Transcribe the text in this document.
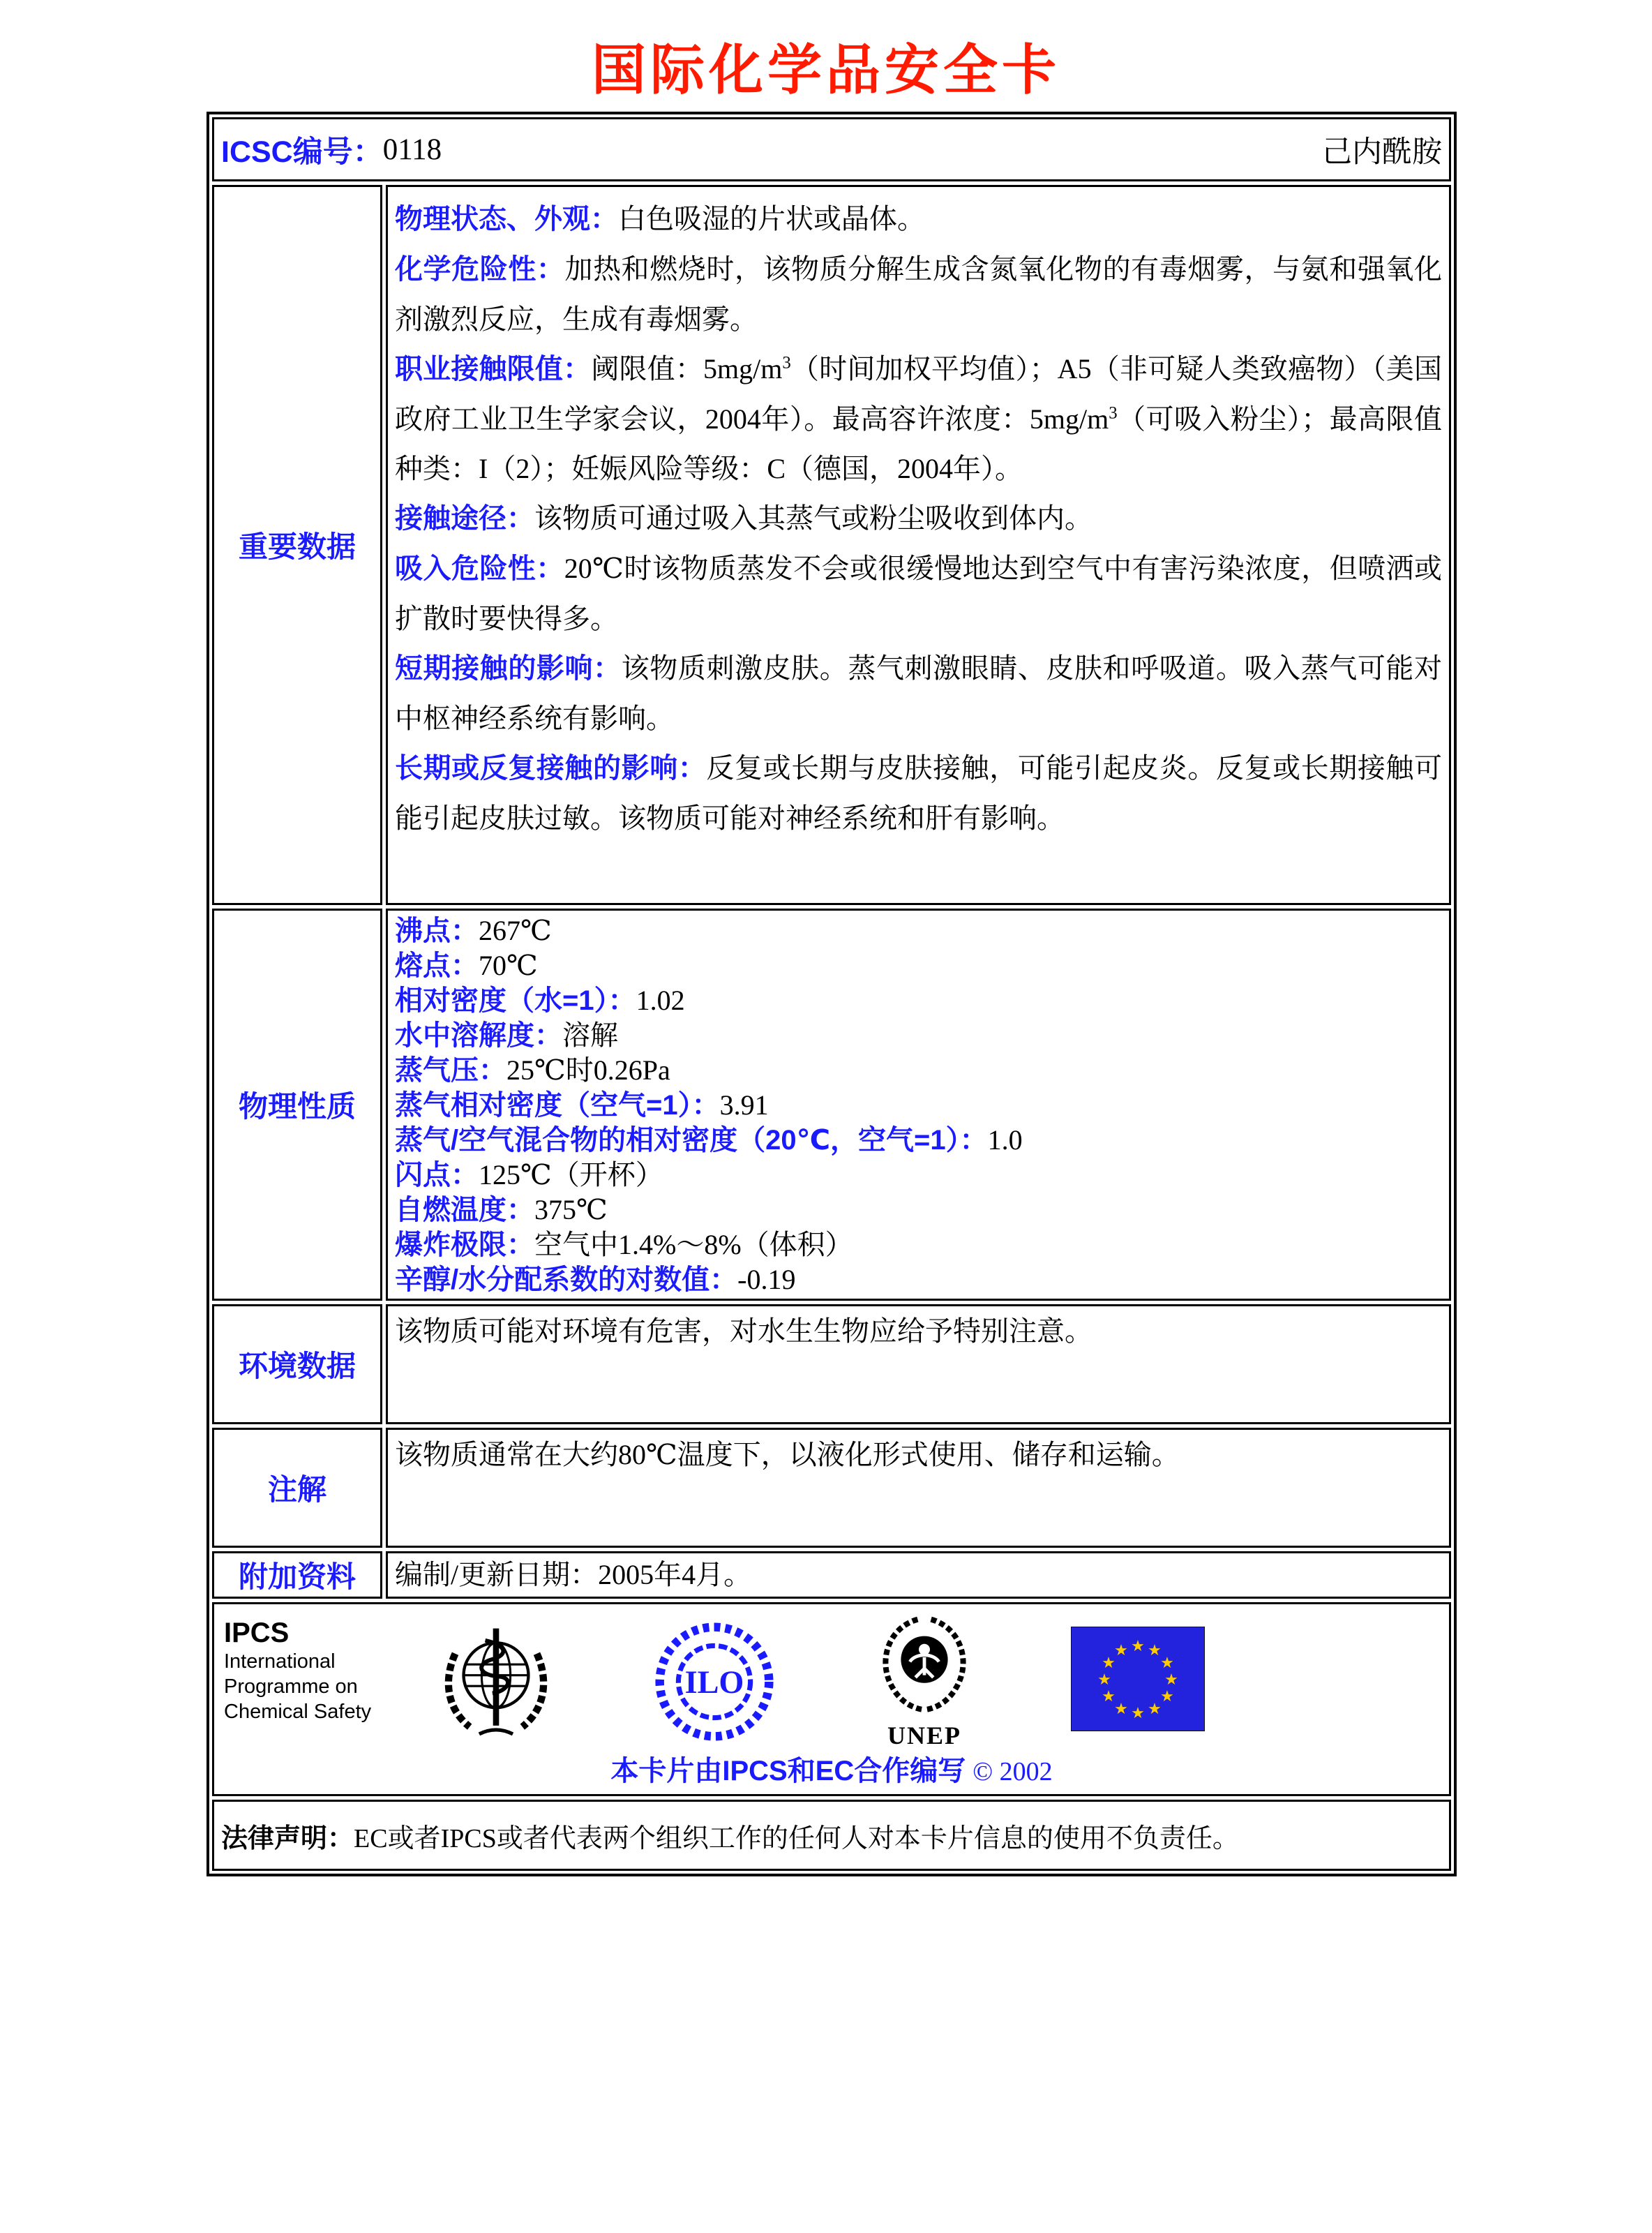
国际化学品安全卡
ICSC编号： 0118	己内酰胺
重要数据

物理状态、外观：白色吸湿的片状或晶体。

化学危险性：加热和燃烧时，该物质分解生成含氮氧化物的有毒烟雾，与氨和强氧化剂激烈反应，生成有毒烟雾。

职业接触限值：阈限值：$5mg/m^3$（时间加权平均值）；A5（非可疑人类致癌物）（美国政府工业卫生学家会议，2004年）。最高容许浓度：$5mg/m^3$（可吸入粉尘）；最高限值种类：I（2）；妊娠风险等级：C（德国，2004年）。

接触途径：该物质可通过吸入其蒸气或粉尘吸收到体内。

吸入危险性：20℃时该物质蒸发不会或很缓慢地达到空气中有害污染浓度，但喷洒或扩散时要快得多。

短期接触的影响：该物质刺激皮肤。蒸气刺激眼睛、皮肤和呼吸道。吸入蒸气可能对中枢神经系统有影响。

长期或反复接触的影响：反复或长期与皮肤接触，可能引起皮炎。反复或长期接触可能引起皮肤过敏。该物质可能对神经系统和肝有影响。

物理性质
沸点：267℃
熔点：70℃
相对密度（水=1）：1.02
水中溶解度：溶解
蒸气压：25℃时0.26Pa
蒸气相对密度（空气=1）：3.91
蒸气/空气混合物的相对密度（20℃，空气=1）：1.0
闪点：125℃（开杯）
自燃温度：375℃
爆炸极限：空气中1.4%～8%（体积）
辛醇/水分配系数的对数值：-0.19
环境数据
该物质可能对环境有危害，对水生生物应给予特别注意。
注解
该物质通常在大约80℃温度下，以液化形式使用、储存和运输。
附加资料	编制/更新日期：2005年4月。
IPCS
International
Programme on
Chemical Safety
ILO
UNEP
★ ★
★
★
★
★
★
★
★
★
★
★
本卡片由IPCS和EC合作编写 © 2002
法律声明： EC或者IPCS或者代表两个组织工作的任何人对本卡片信息的使用不负责任。
